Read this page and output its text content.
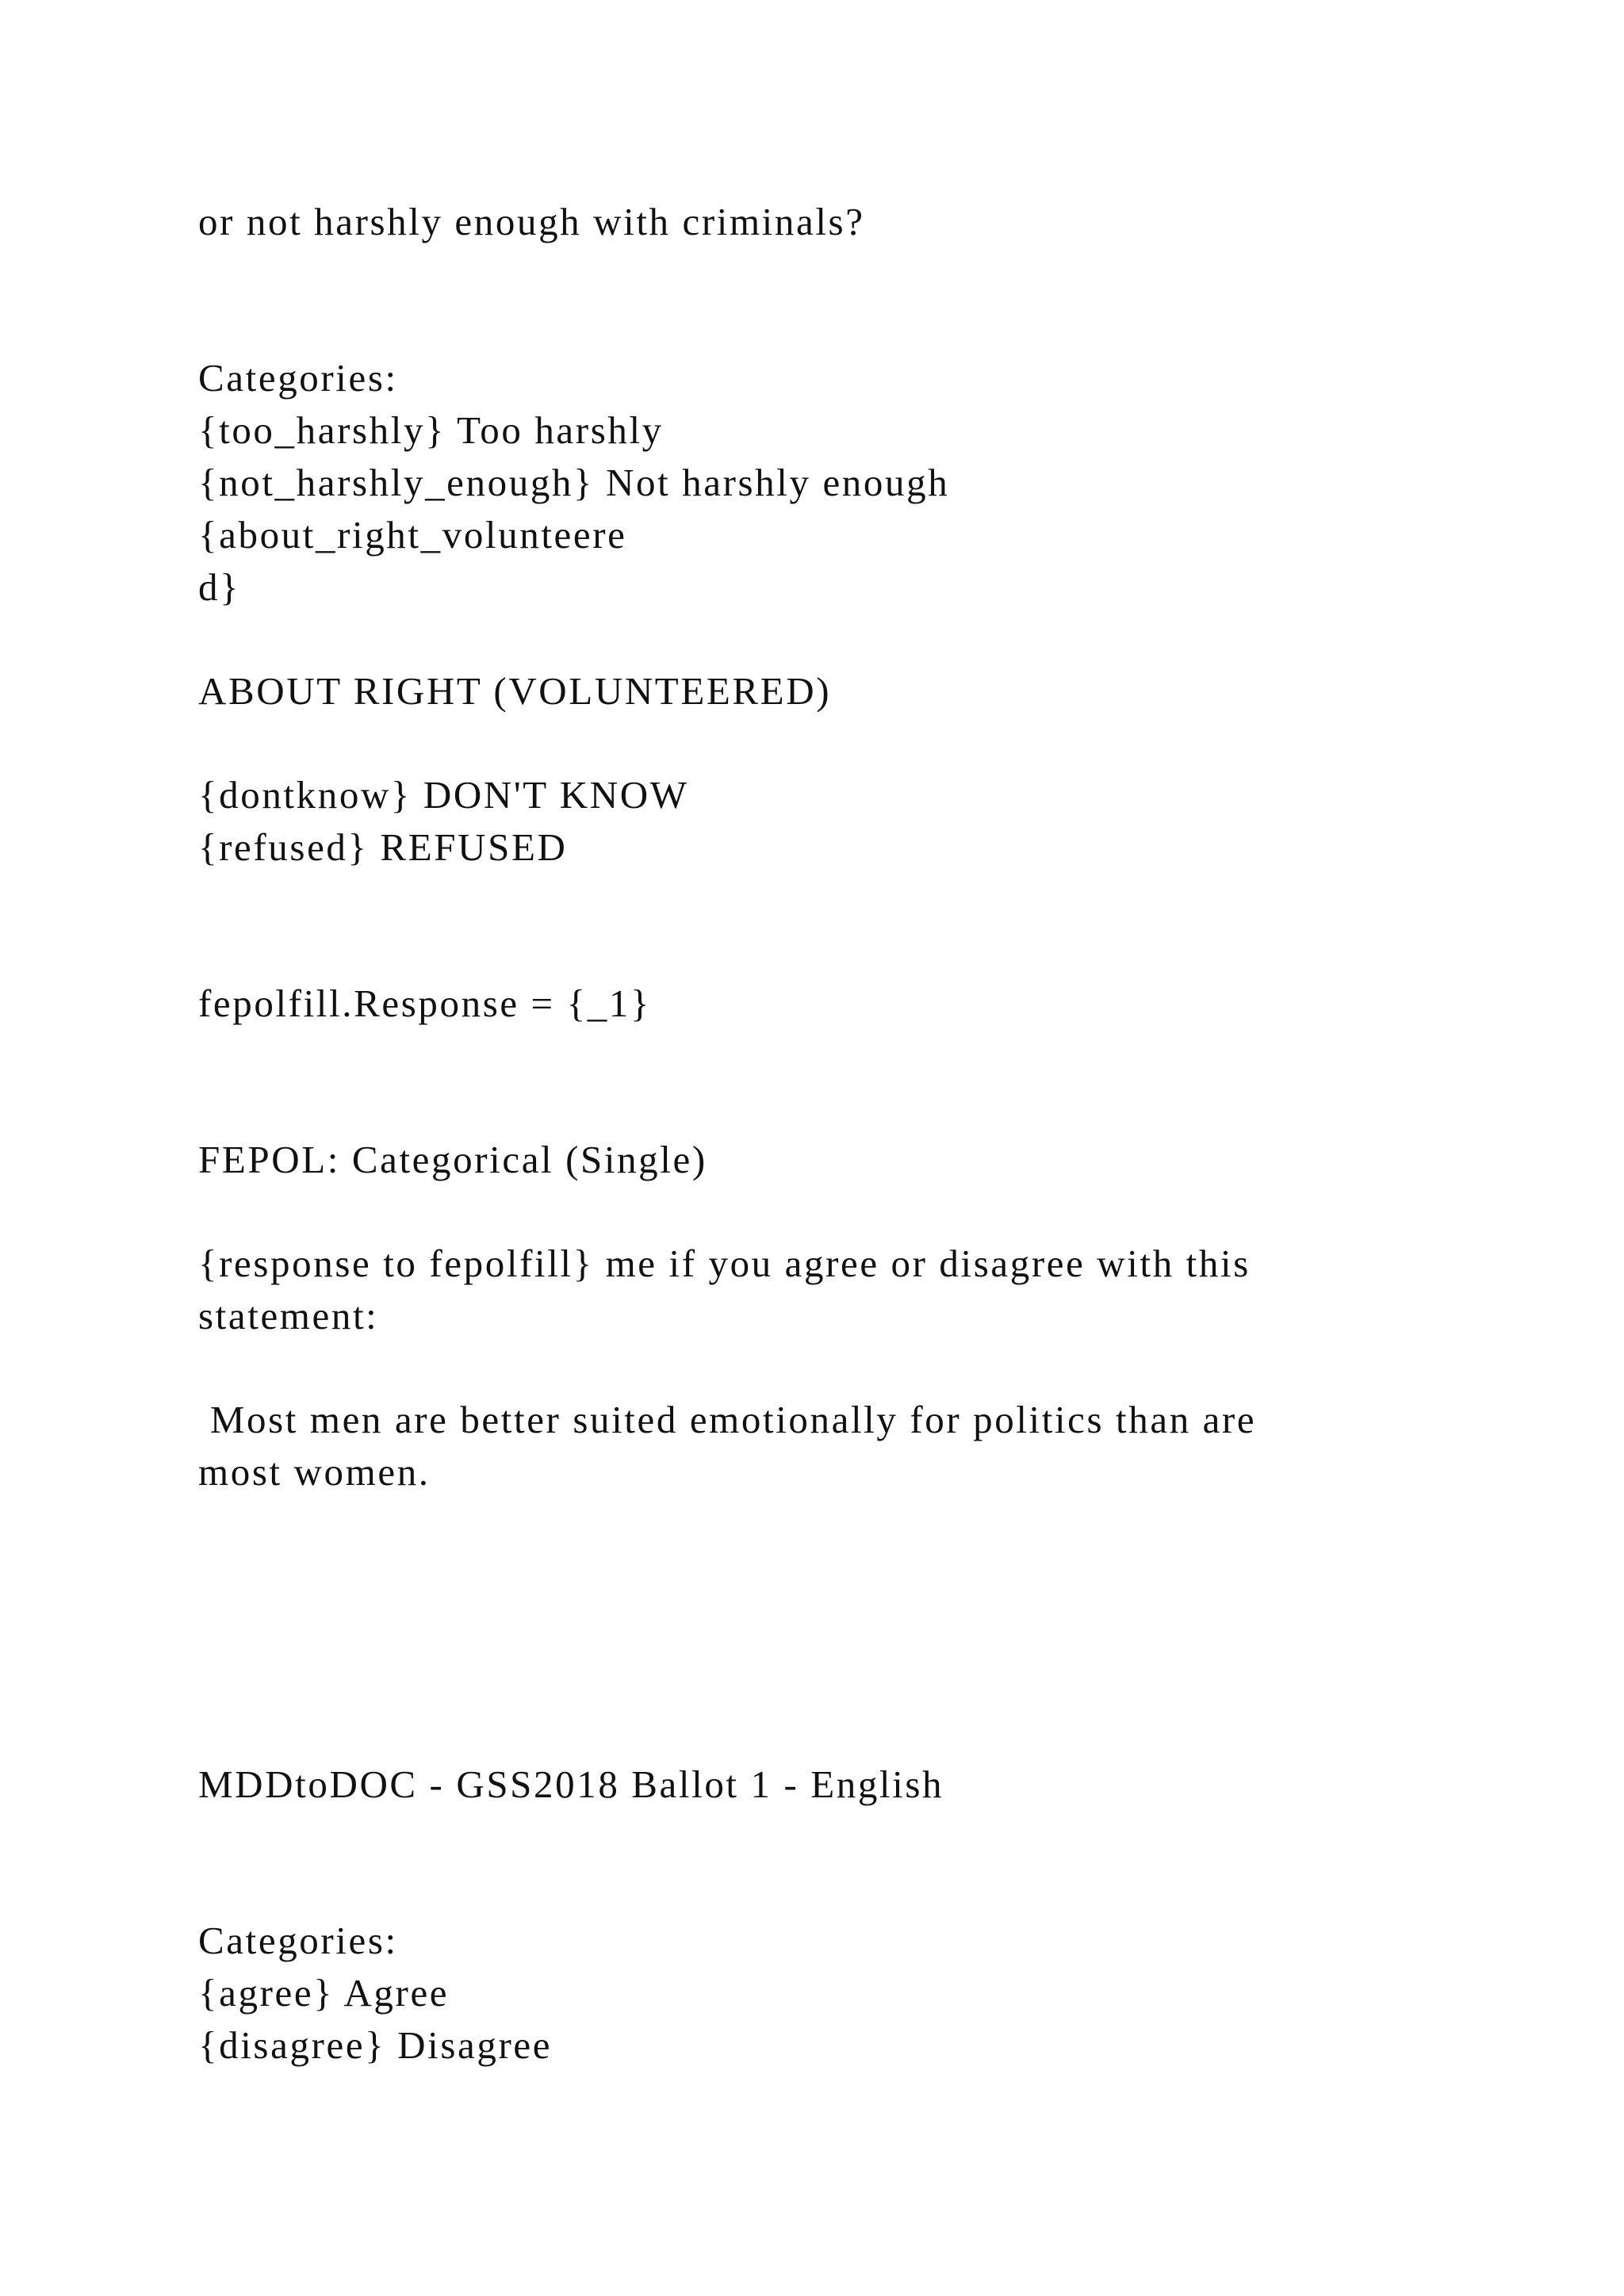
or not harshly enough with criminals?
Categories:
{too_harshly} Too harshly
{not_harshly_enough} Not harshly enough
{about_right_volunteere
d}
ABOUT RIGHT (VOLUNTEERED)
{dontknow} DON'T KNOW
{refused} REFUSED
fepolfill.Response = {_1}
FEPOL: Categorical (Single)
{response to fepolfill} me if you agree or disagree with this
statement:
Most men are better suited emotionally for politics than are
most women.
MDDtoDOC - GSS2018 Ballot 1 - English
Categories:
{agree} Agree
{disagree} Disagree
